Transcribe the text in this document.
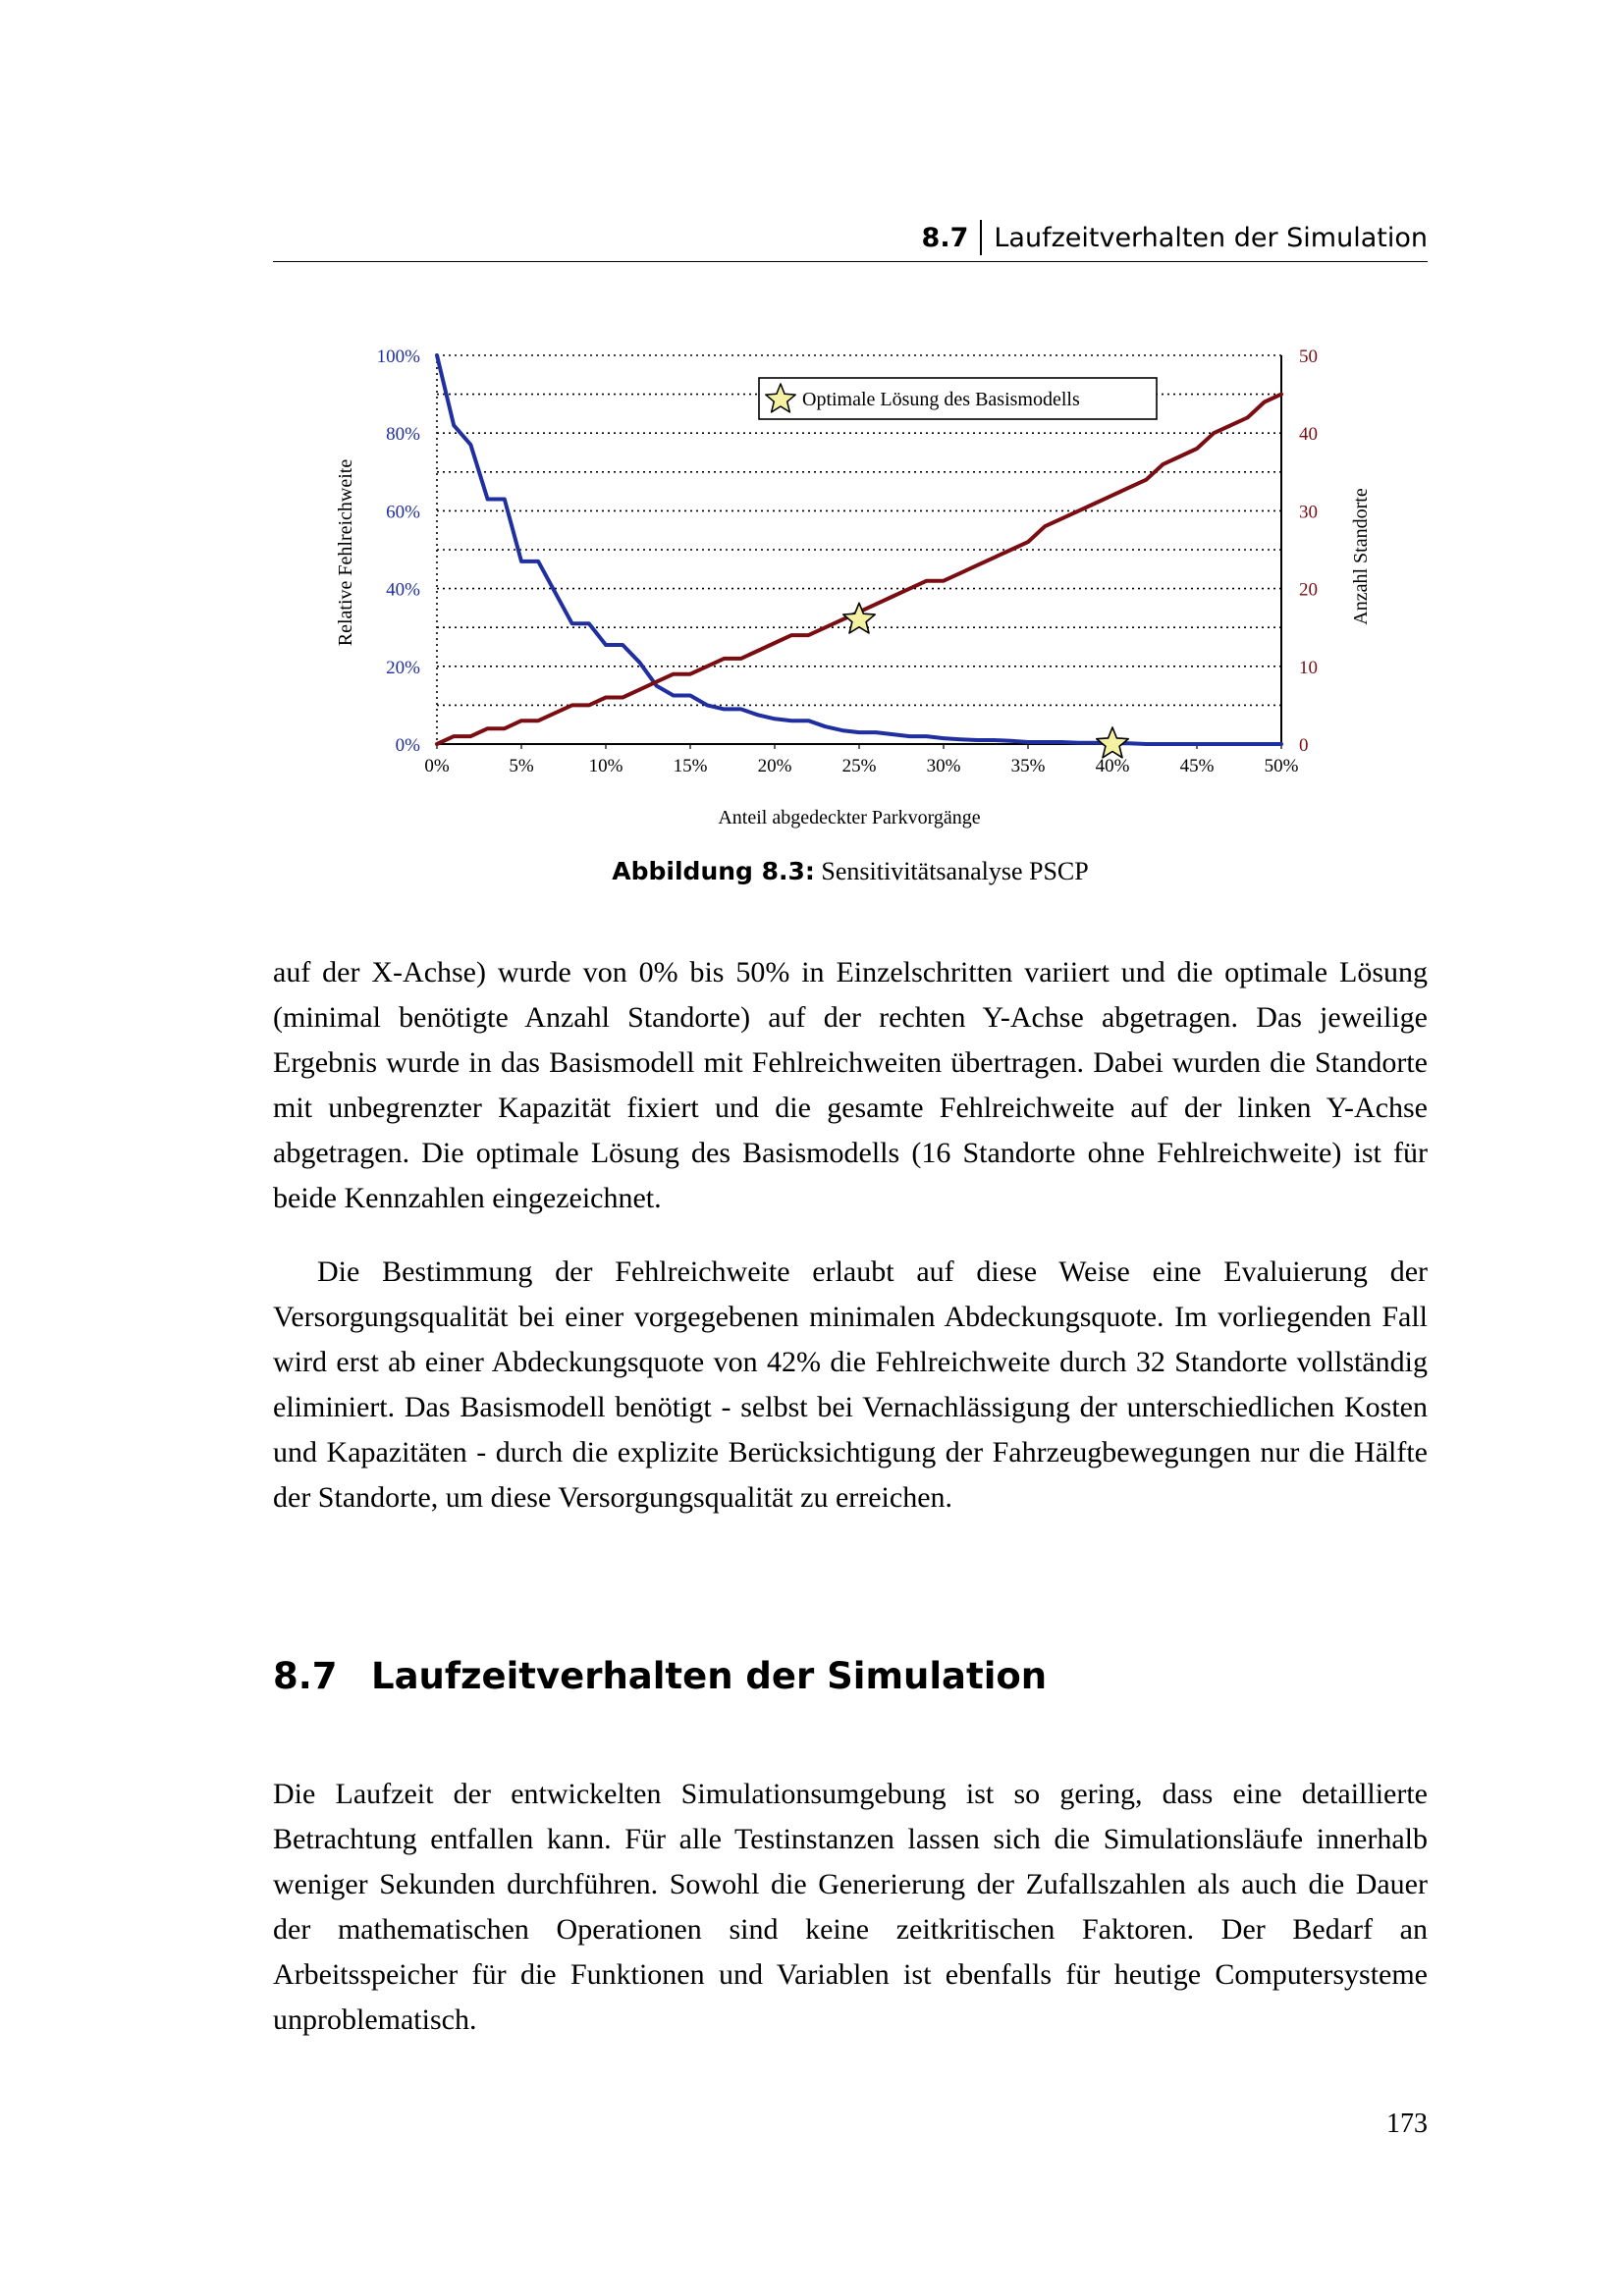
8.7 Laufzeitverhalten der Simulation
0%	5%	10%	15%	20%	25%	30%	35%	40%	45%	50%
0%
20%
40%
60%
80%
100%
0
10
20
30
40
50
Optimale Lösung des Basismodells
Anteil abgedeckter Parkvorgänge
Relative Fehlreichweite	Anzahl Standorte
Abbildung 8.3: Sensitivitätsanalyse PSCP

auf der X-Achse) wurde von 0% bis 50% in Einzelschritten variiert und die optimale Lösung (minimal benötigte Anzahl Standorte) auf der rechten Y-Achse abgetragen. Das jeweilige Ergebnis wurde in das Basismodell mit Fehlreichweiten übertragen. Dabei wurden die Standorte mit unbegrenzter Kapazität fixiert und die gesamte Fehlreichweite auf der linken Y-Achse abgetragen. Die optimale Lösung des Basismodells (16 Standorte ohne Fehlreichweite) ist für beide Kennzahlen eingezeichnet.

Die Bestimmung der Fehlreichweite erlaubt auf diese Weise eine Evaluierung der Versorgungsqualität bei einer vorgegebenen minimalen Abdeckungsquote. Im vorliegenden Fall wird erst ab einer Abdeckungsquote von 42% die Fehlreichweite durch 32 Standorte vollständig eliminiert. Das Basismodell benötigt - selbst bei Vernachlässigung der unterschiedlichen Kosten und Kapazitäten - durch die explizite Berücksichtigung der Fahrzeugbewegungen nur die Hälfte der Standorte, um diese Versorgungsqualität zu erreichen.

8.7 Laufzeitverhalten der Simulation

Die Laufzeit der entwickelten Simulationsumgebung ist so gering, dass eine detaillierte Betrachtung entfallen kann. Für alle Testinstanzen lassen sich die Simulationsläufe innerhalb weniger Sekunden durchführen. Sowohl die Generierung der Zufallszahlen als auch die Dauer der mathematischen Operationen sind keine zeitkritischen Faktoren. Der Bedarf an Arbeitsspeicher für die Funktionen und Variablen ist ebenfalls für heutige Computersysteme unproblematisch.

173
